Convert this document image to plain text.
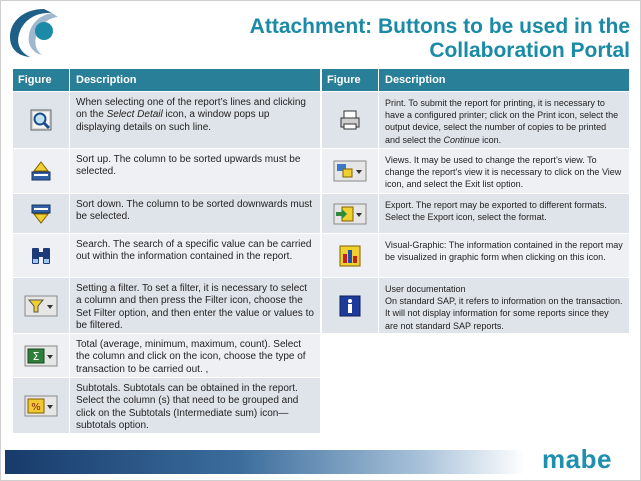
Attachment: Buttons to be used in the
Collaboration Portal
Figure	Description
When selecting one of the report’s lines and clicking on the Select Detail icon, a window pops up displaying details on such line.
Sort up. The column to be sorted upwards must be selected.
Sort down. The column to be sorted downwards must be selected.
Search. The search of a specific value can be carried out within the information contained in the report.
Setting a filter. To set a filter, it is necessary to select a column and then press the Filter icon, choose the Set Filter option, and then enter the value or values to be filtered.
Σ
Total (average, minimum, maximum, count). Select the column and click on the icon, choose the type of transaction to be carried out. ,
%
Subtotals. Subtotals can be obtained in the report. Select the column (s) that need to be grouped and click on the Subtotals (Intermediate sum) icon—subtotals option.
Figure	Description
Print. To submit the report for printing, it is necessary to have a configured printer; click on the Print icon, select the output device, select the number of copies to be printed and select the Continue icon.
Views. It may be used to change the report’s view. To change the report’s view it is necessary to click on the View icon, and select the Exit list option.
Export. The report may be exported to different formats. Select the Export icon, select the format.
Visual-Graphic: The information contained in the report may be visualized in graphic form when clicking on this icon.
User documentation
On standard SAP, it refers to information on the transaction. It will not display information for some reports since they are not standard SAP reports.
mabe
